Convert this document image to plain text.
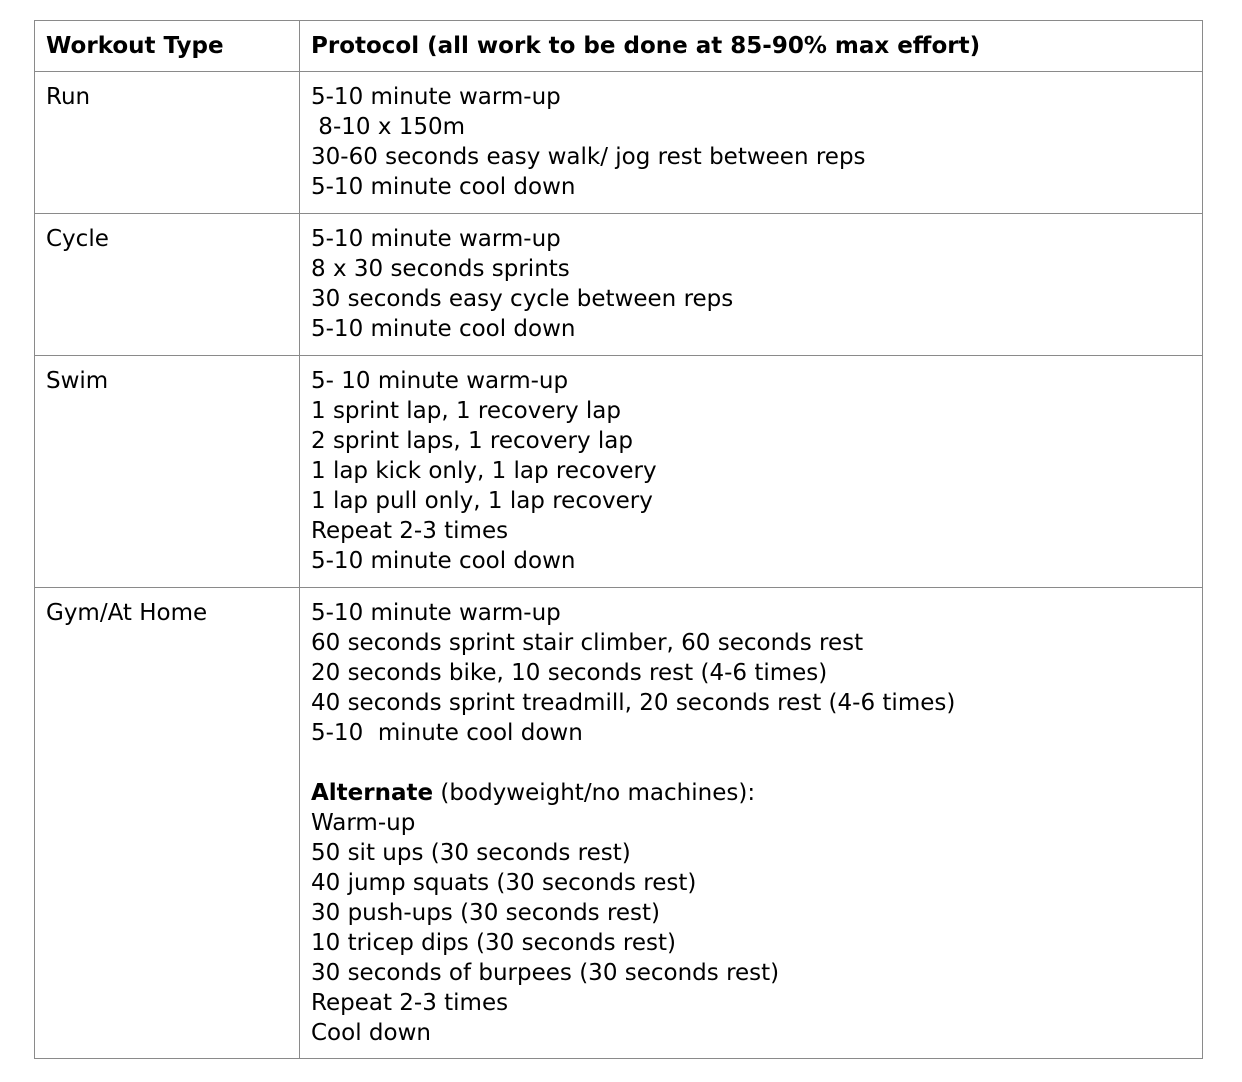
Workout Type	Protocol (all work to be done at 85-90% max effort)
Run	5-10 minute warm-up
8-10 x 150m
30-60 seconds easy walk/ jog rest between reps
5-10 minute cool down

Cycle	5-10 minute warm-up
8 x 30 seconds sprints
30 seconds easy cycle between reps
5-10 minute cool down

Swim	5- 10 minute warm-up
1 sprint lap, 1 recovery lap
2 sprint laps, 1 recovery lap
1 lap kick only, 1 lap recovery
1 lap pull only, 1 lap recovery
Repeat 2-3 times
5-10 minute cool down

Gym/At Home	5-10 minute warm-up
60 seconds sprint stair climber, 60 seconds rest
20 seconds bike, 10 seconds rest (4-6 times)
40 seconds sprint treadmill, 20 seconds rest (4-6 times)
5-10  minute cool down
Alternate (bodyweight/no machines):
Warm-up
50 sit ups (30 seconds rest)
40 jump squats (30 seconds rest)
30 push-ups (30 seconds rest)
10 tricep dips (30 seconds rest)
30 seconds of burpees (30 seconds rest)
Repeat 2-3 times
Cool down
